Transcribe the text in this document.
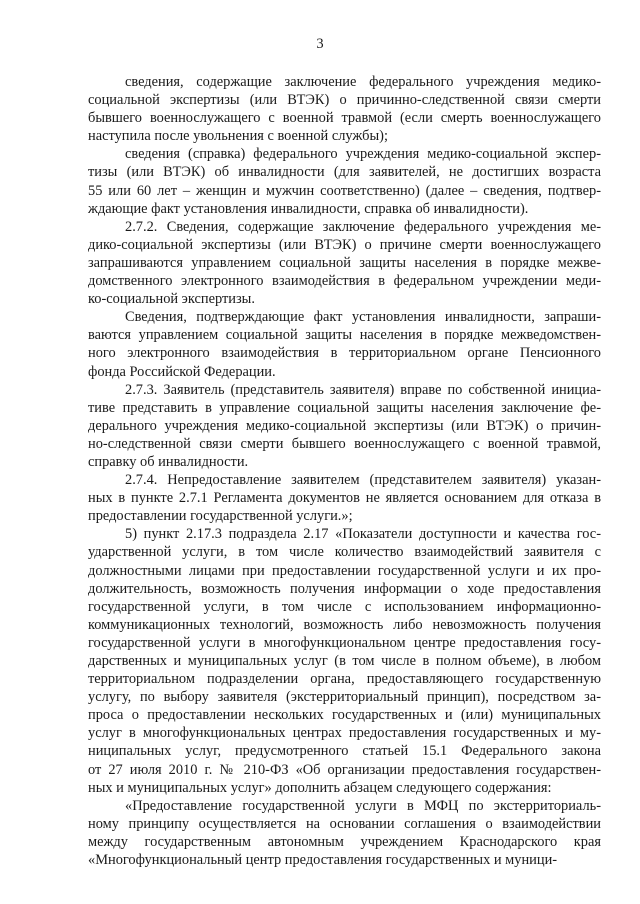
3
сведения, содержащие заключение федерального учреждения медико-
социальной экспертизы (или ВТЭК) о причинно-следственной связи смерти
бывшего военнослужащего с военной травмой (если смерть военнослужащего
наступила после увольнения с военной службы);
сведения (справка) федерального учреждения медико-социальной экспер-
тизы (или ВТЭК) об инвалидности (для заявителей, не достигших возраста
55 или 60 лет – женщин и мужчин соответственно) (далее – сведения, подтвер-
ждающие факт установления инвалидности, справка об инвалидности).
2.7.2. Сведения, содержащие заключение федерального учреждения ме-
дико-социальной экспертизы (или ВТЭК) о причине смерти военнослужащего
запрашиваются управлением социальной защиты населения в порядке межве-
домственного электронного взаимодействия в федеральном учреждении меди-
ко-социальной экспертизы.
Сведения, подтверждающие факт установления инвалидности, запраши-
ваются управлением социальной защиты населения в порядке межведомствен-
ного электронного взаимодействия в территориальном органе Пенсионного
фонда Российской Федерации.
2.7.3. Заявитель (представитель заявителя) вправе по собственной инициа-
тиве представить в управление социальной защиты населения заключение фе-
дерального учреждения медико-социальной экспертизы (или ВТЭК) о причин-
но-следственной связи смерти бывшего военнослужащего с военной травмой,
справку об инвалидности.
2.7.4. Непредоставление заявителем (представителем заявителя) указан-
ных в пункте 2.7.1 Регламента документов не является основанием для отказа в
предоставлении государственной услуги.»;
5) пункт 2.17.3 подраздела 2.17 «Показатели доступности и качества гос-
ударственной услуги, в том числе количество взаимодействий заявителя с
должностными лицами при предоставлении государственной услуги и их про-
должительность, возможность получения информации о ходе предоставления
государственной услуги, в том числе с использованием информационно-
коммуникационных технологий, возможность либо невозможность получения
государственной услуги в многофункциональном центре предоставления госу-
дарственных и муниципальных услуг (в том числе в полном объеме), в любом
территориальном подразделении органа, предоставляющего государственную
услугу, по выбору заявителя (экстерриториальный принцип), посредством за-
проса о предоставлении нескольких государственных и (или) муниципальных
услуг в многофункциональных центрах предоставления государственных и му-
ниципальных услуг, предусмотренного статьей 15.1 Федерального закона
от 27 июля 2010 г. № 210-ФЗ «Об организации предоставления государствен-
ных и муниципальных услуг» дополнить абзацем следующего содержания:
«Предоставление государственной услуги в МФЦ по экстерриториаль-
ному принципу осуществляется на основании соглашения о взаимодействии
между государственным автономным учреждением Краснодарского края
«Многофункциональный центр предоставления государственных и муници-
